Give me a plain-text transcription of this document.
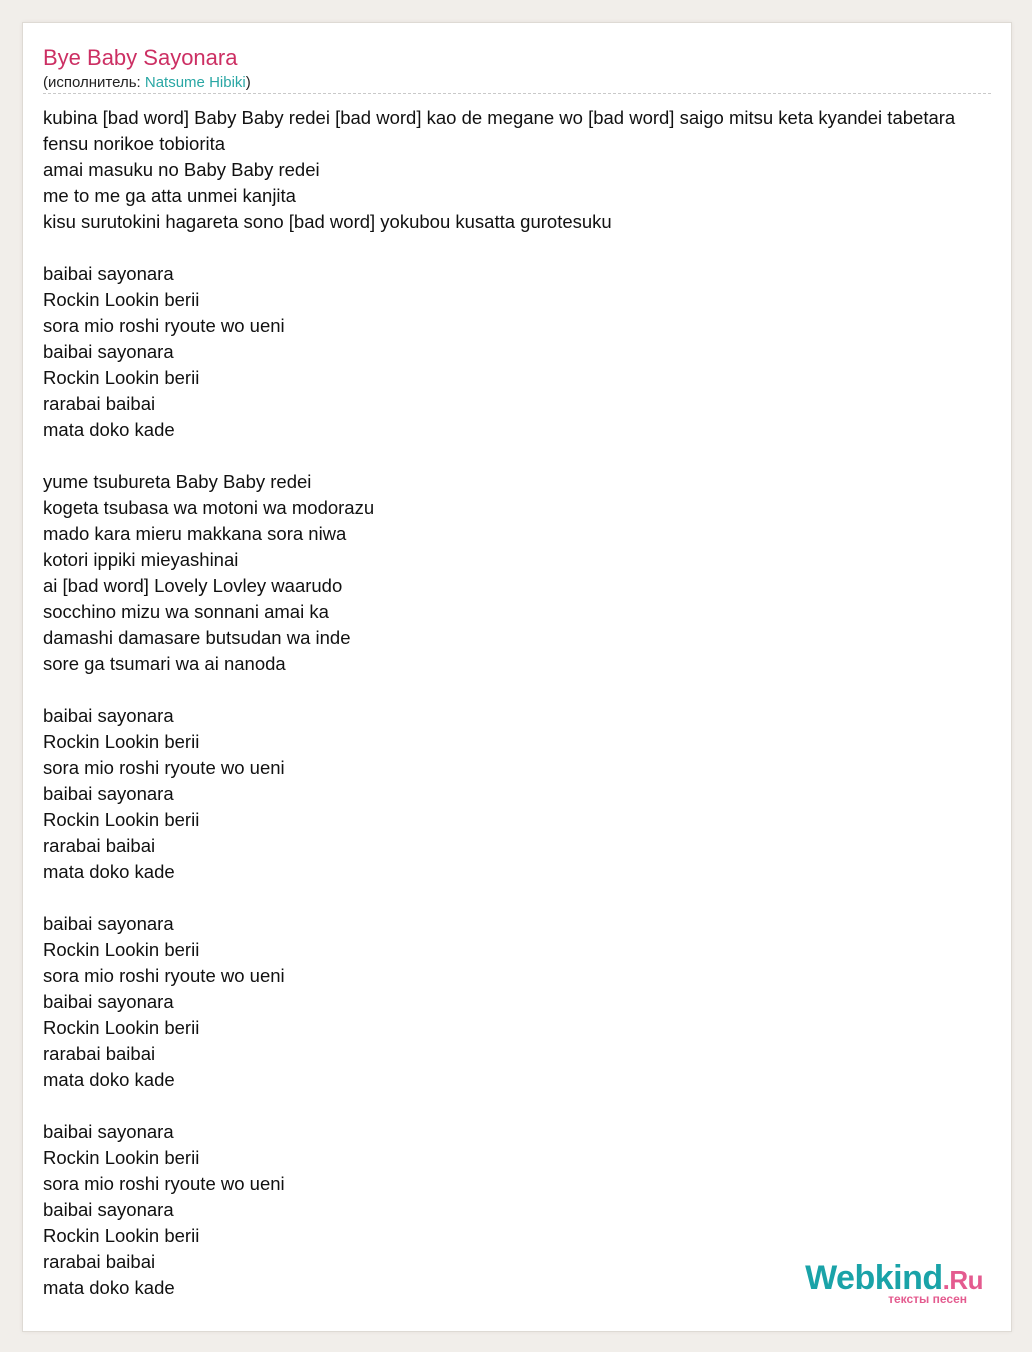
Bye Baby Sayonara
(исполнитель: Natsume Hibiki)
kubina [bad word] Baby Baby redei [bad word] kao de megane wo [bad word] saigo mitsu keta kyandei tabetara
fensu norikoe tobiorita
amai masuku no Baby Baby redei
me to me ga atta unmei kanjita
kisu surutokini hagareta sono [bad word] yokubou kusatta gurotesuku
baibai sayonara
Rockin Lookin berii
sora mio roshi ryoute wo ueni
baibai sayonara
Rockin Lookin berii
rarabai baibai
mata doko kade
yume tsubureta Baby Baby redei
kogeta tsubasa wa motoni wa modorazu
mado kara mieru makkana sora niwa
kotori ippiki mieyashinai
ai [bad word] Lovely Lovley waarudo
socchino mizu wa sonnani amai ka
damashi damasare butsudan wa inde
sore ga tsumari wa ai nanoda
baibai sayonara
Rockin Lookin berii
sora mio roshi ryoute wo ueni
baibai sayonara
Rockin Lookin berii
rarabai baibai
mata doko kade
baibai sayonara
Rockin Lookin berii
sora mio roshi ryoute wo ueni
baibai sayonara
Rockin Lookin berii
rarabai baibai
mata doko kade
baibai sayonara
Rockin Lookin berii
sora mio roshi ryoute wo ueni
baibai sayonara
Rockin Lookin berii
rarabai baibai
mata doko kade	Webkind.Ru
тексты песен
